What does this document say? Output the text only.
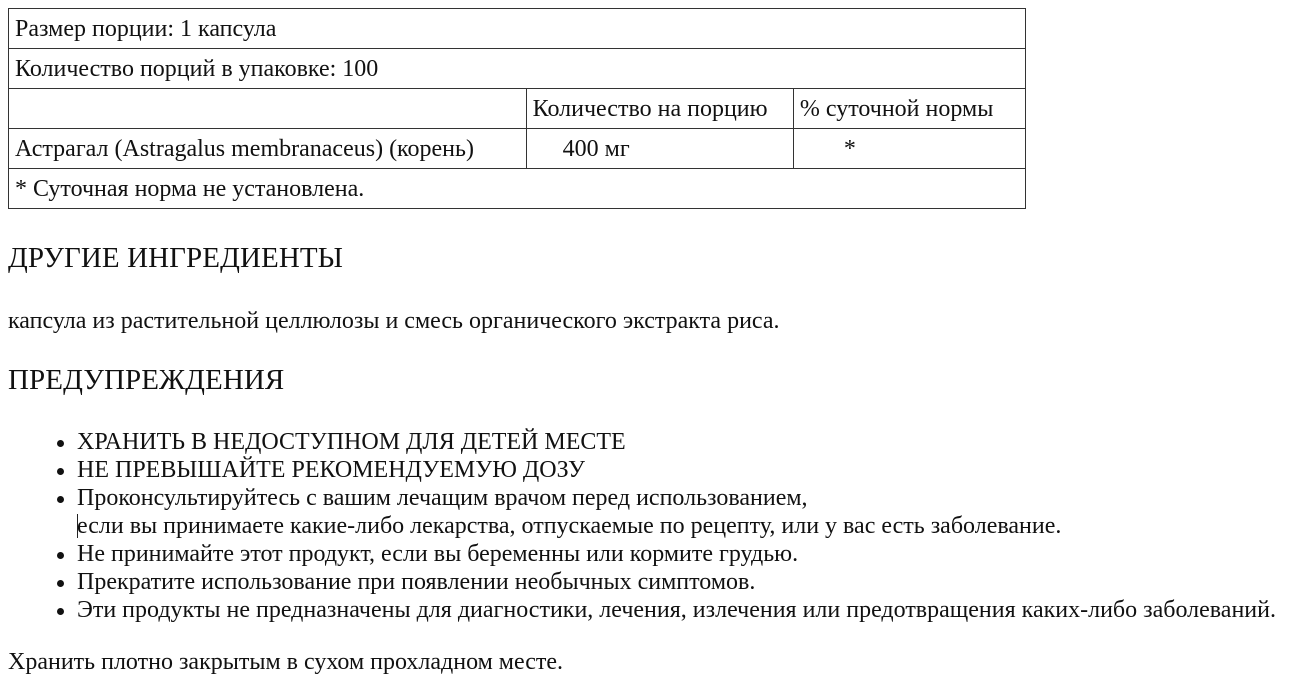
Размер порции: 1 капсула		
Количество порций в упаковке: 100		
	Количество на порцию	% суточной нормы
Астрагал (Astragalus membranaceus) (корень)	400 мг	*
* Суточная норма не установлена.		
ДРУГИЕ ИНГРЕДИЕНТЫ

капсула из растительной целлюлозы и смесь органического экстракта риса.

ПРЕДУПРЕЖДЕНИЯ
ХРАНИТЬ В НЕДОСТУПНОМ ДЛЯ ДЕТЕЙ МЕСТЕ
НЕ ПРЕВЫШАЙТЕ РЕКОМЕНДУЕМУЮ ДОЗУ
Проконсультируйтесь с вашим лечащим врачом перед использованием,
если вы принимаете какие-либо лекарства, отпускаемые по рецепту, или у вас есть заболевание.
Не принимайте этот продукт, если вы беременны или кормите грудью.
Прекратите использование при появлении необычных симптомов.
Эти продукты не предназначены для диагностики, лечения, излечения или предотвращения каких-либо заболеваний.

Хранить плотно закрытым в сухом прохладном месте.
